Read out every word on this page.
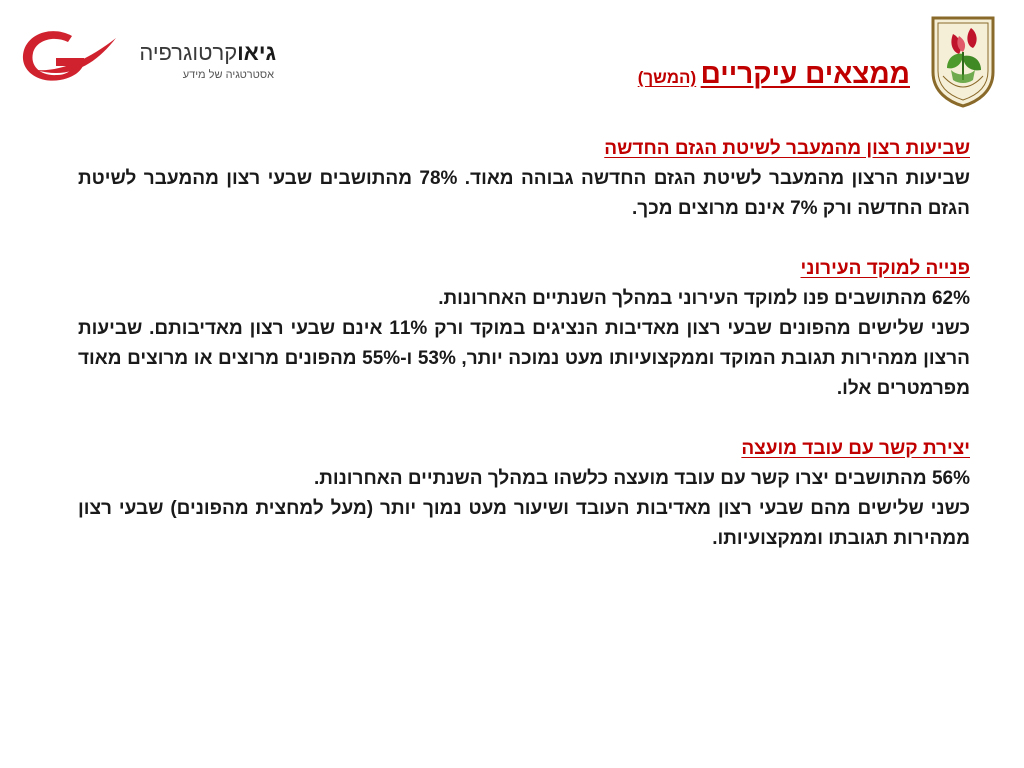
גיאוקרטוגרפיה
אסטרטגיה של מידע	ממצאים עיקריים (המשך)

שביעות רצון מהמעבר לשיטת הגזם החדשה

שביעות הרצון מהמעבר לשיטת הגזם החדשה גבוהה מאוד. 78% מהתושבים שבעי רצון מהמעבר לשיטת הגזם החדשה ורק 7% אינם מרוצים מכך.

פנייה למוקד העירוני

62% מהתושבים פנו למוקד העירוני במהלך השנתיים האחרונות.

כשני שלישים מהפונים שבעי רצון מאדיבות הנציגים במוקד ורק 11% אינם שבעי רצון מאדיבותם. שביעות הרצון ממהירות תגובת המוקד וממקצועיותו מעט נמוכה יותר, 53% ו-55% מהפונים מרוצים או מרוצים מאוד מפרמטרים אלו.

יצירת קשר עם עובד מועצה

56% מהתושבים יצרו קשר עם עובד מועצה כלשהו במהלך השנתיים האחרונות.

כשני שלישים מהם שבעי רצון מאדיבות העובד ושיעור מעט נמוך יותר (מעל למחצית מהפונים) שבעי רצון ממהירות תגובתו וממקצועיותו.
